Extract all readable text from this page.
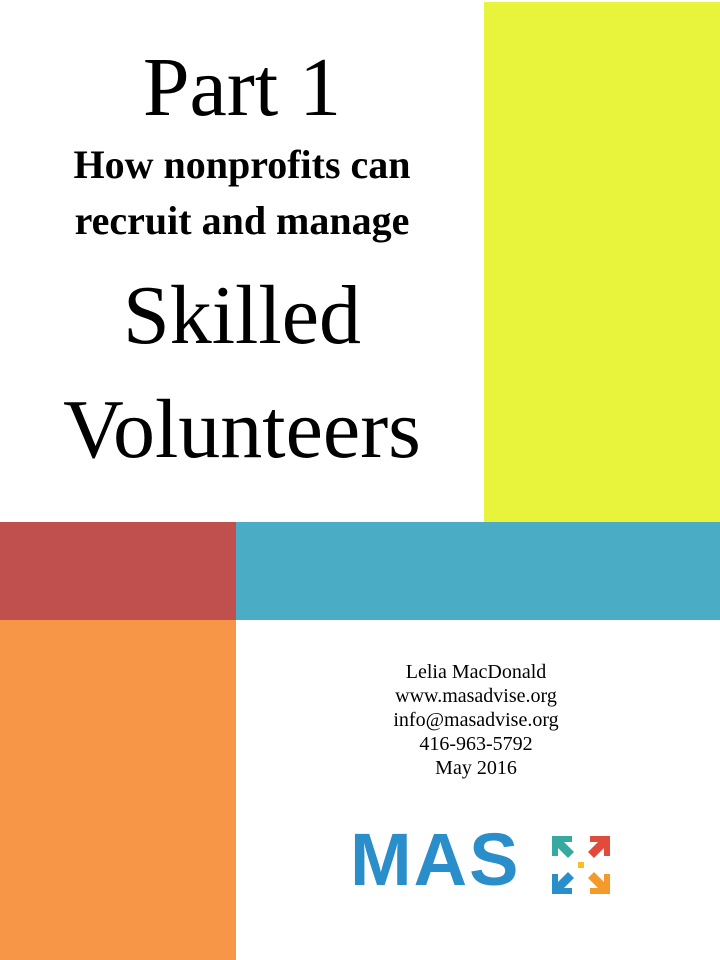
Part 1
How nonprofits can
recruit and manage
Skilled
Volunteers
Lelia MacDonald
www.masadvise.org
info@masadvise.org
416-963-5792
May 2016
MAS
